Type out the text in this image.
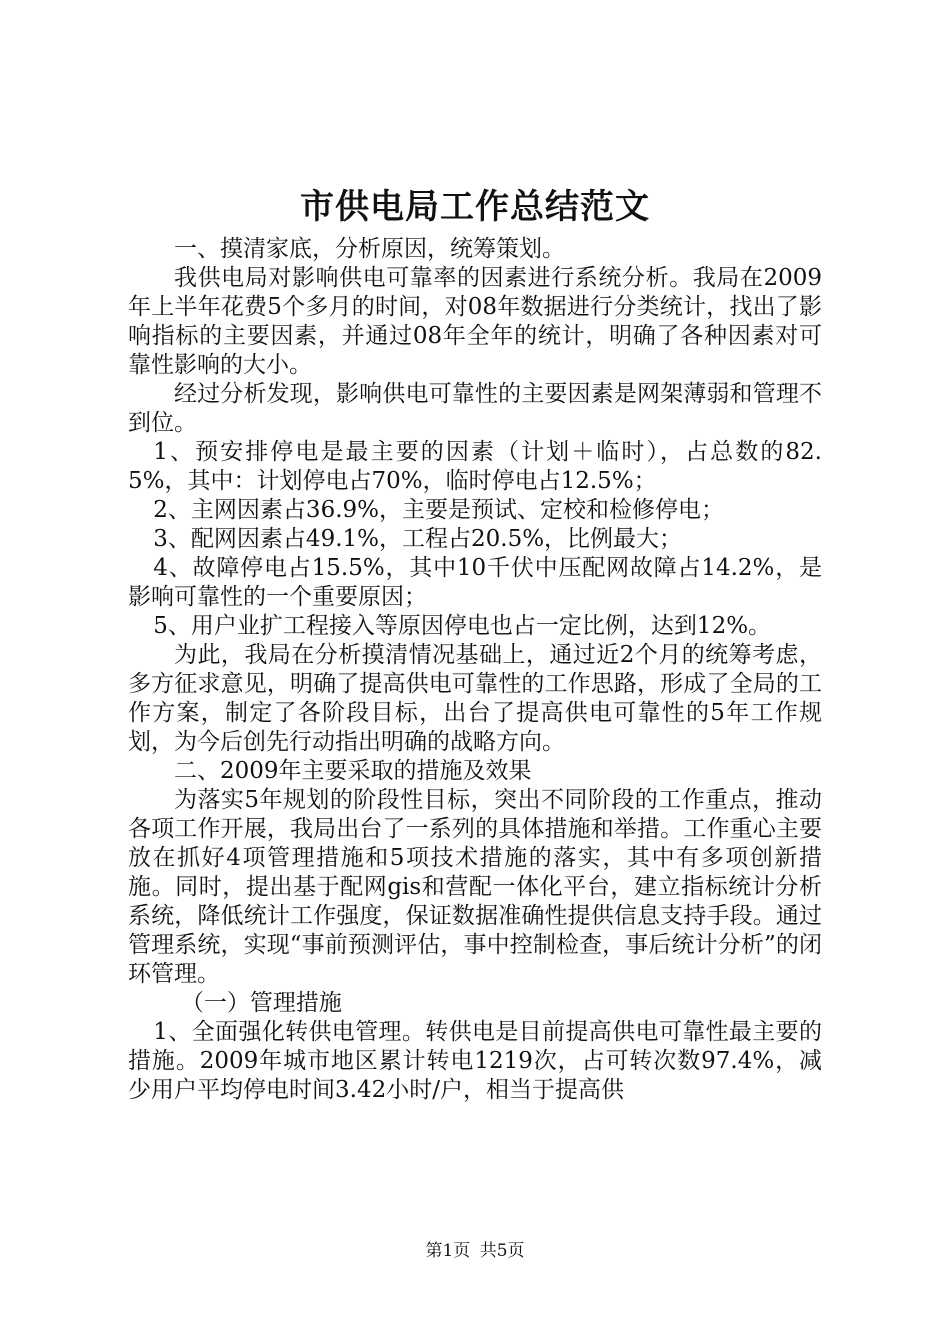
市供电局工作总结范文

一、摸清家底，分析原因，统筹策划。

我供电局对影响供电可靠率的因素进行系统分析。我局在2009年上半年花费5个多月的时间，对08年数据进行分类统计，找出了影响指标的主要因素，并通过08年全年的统计，明确了各种因素对可靠性影响的大小。

经过分析发现，影响供电可靠性的主要因素是网架薄弱和管理不到位。

1、预安排停电是最主要的因素（计划＋临时），占总数的82.5%，其中：计划停电占70%，临时停电占12.5%；

2、主网因素占36.9%，主要是预试、定校和检修停电；

3、配网因素占49.1%，工程占20.5%，比例最大；

4、故障停电占15.5%，其中10千伏中压配网故障占14.2%，是影响可靠性的一个重要原因；

5、用户业扩工程接入等原因停电也占一定比例，达到12%。

为此，我局在分析摸清情况基础上，通过近2个月的统筹考虑，多方征求意见，明确了提高供电可靠性的工作思路，形成了全局的工作方案，制定了各阶段目标，出台了提高供电可靠性的5年工作规划，为今后创先行动指出明确的战略方向。

二、2009年主要采取的措施及效果

为落实5年规划的阶段性目标，突出不同阶段的工作重点，推动各项工作开展，我局出台了一系列的具体措施和举措。工作重心主要放在抓好4项管理措施和5项技术措施的落实，其中有多项创新措施。同时，提出基于配网gis和营配一体化平台，建立指标统计分析系统，降低统计工作强度，保证数据准确性提供信息支持手段。通过管理系统，实现“事前预测评估，事中控制检查，事后统计分析”的闭环管理。

（一）管理措施

1、全面强化转供电管理。转供电是目前提高供电可靠性最主要的措施。2009年城市地区累计转电1219次，占可转次数97.4%，减少用户平均停电时间3.42小时/户，相当于提高供

第1页 共5页
